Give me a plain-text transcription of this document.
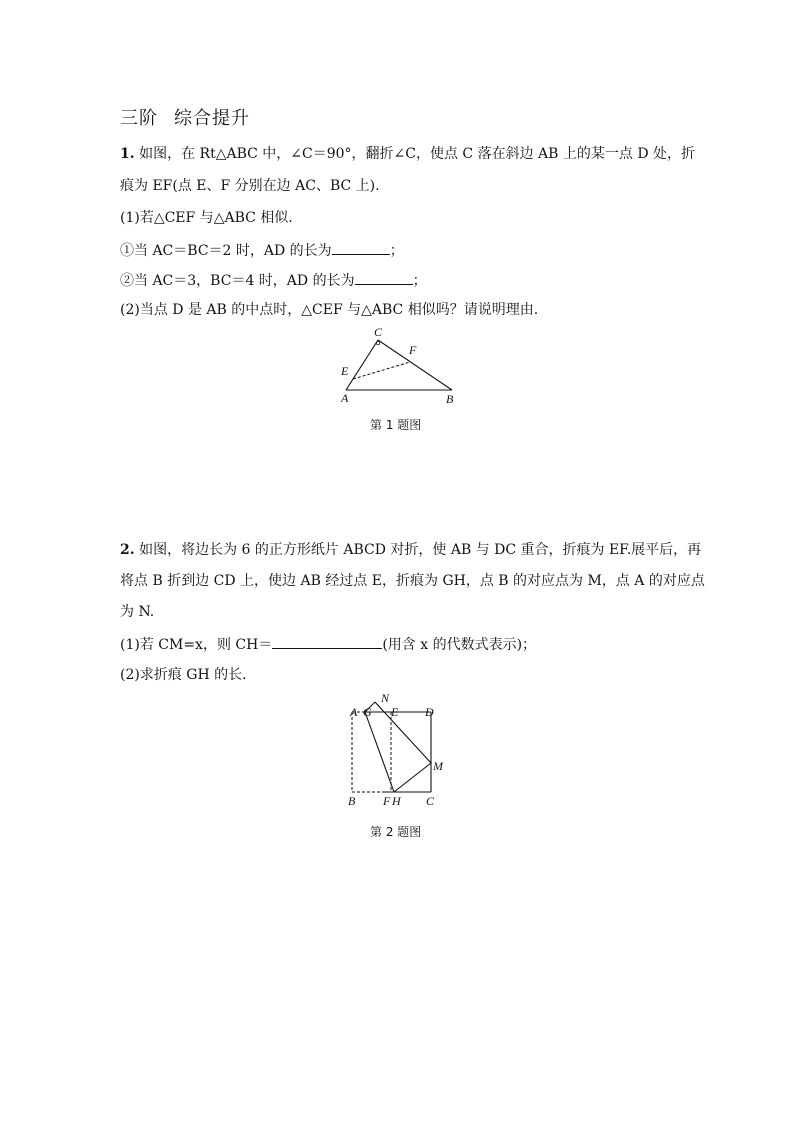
三阶 综合提升
1. 如图，在 Rt△ABC 中，∠C＝90°，翻折∠C，使点 C 落在斜边 AB 上的某一点 D 处，折
痕为 EF(点 E、F 分别在边 AC、BC 上).
(1)若△CEF 与△ABC 相似.
①当 AC＝BC＝2 时，AD 的长为	；
②当 AC＝3，BC＝4 时，AD 的长为	；
(2)当点 D 是 AB 的中点时，△CEF 与△ABC 相似吗？请说明理由.
C
F
E
A	B
第 1 题图
2. 如图，将边长为 6 的正方形纸片 ABCD 对折，使 AB 与 DC 重合，折痕为 EF.展平后，再
将点 B 折到边 CD 上，使边 AB 经过点 E，折痕为 GH，点 B 的对应点为 M，点 A 的对应点
为 N.
(1)若 CM=x，则 CH＝	(用含 x 的代数式表示)；
(2)求折痕 GH 的长.
N
A G E D
M
B F H C
第 2 题图
